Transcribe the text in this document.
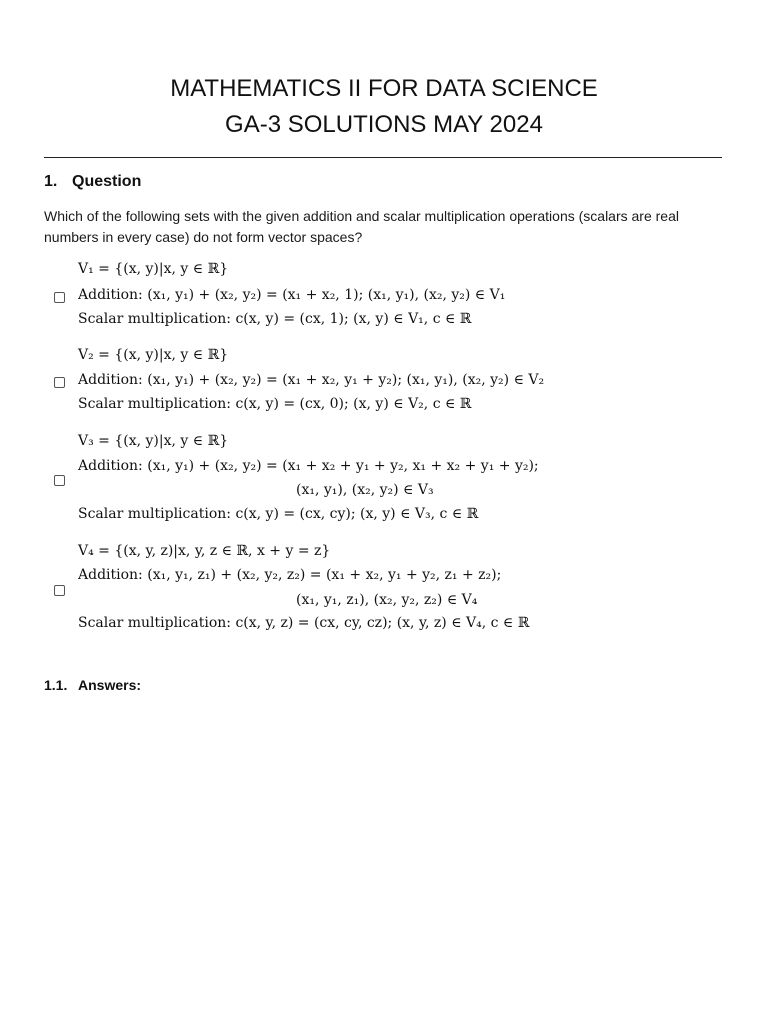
MATHEMATICS II FOR DATA SCIENCE
GA-3 SOLUTIONS MAY 2024
1. Question
Which of the following sets with the given addition and scalar multiplication operations (scalars are real numbers in every case) do not form vector spaces?
V₁ = {(x, y)|x, y ∈ ℝ}
Addition: (x₁, y₁) + (x₂, y₂) = (x₁ + x₂, 1); (x₁, y₁), (x₂, y₂) ∈ V₁
Scalar multiplication: c(x, y) = (cx, 1); (x, y) ∈ V₁, c ∈ ℝ
V₂ = {(x, y)|x, y ∈ ℝ}
Addition: (x₁, y₁) + (x₂, y₂) = (x₁ + x₂, y₁ + y₂); (x₁, y₁), (x₂, y₂) ∈ V₂
Scalar multiplication: c(x, y) = (cx, 0); (x, y) ∈ V₂, c ∈ ℝ
V₃ = {(x, y)|x, y ∈ ℝ}
Addition: (x₁, y₁) + (x₂, y₂) = (x₁ + x₂ + y₁ + y₂, x₁ + x₂ + y₁ + y₂);
(x₁, y₁), (x₂, y₂) ∈ V₃
Scalar multiplication: c(x, y) = (cx, cy); (x, y) ∈ V₃, c ∈ ℝ
V₄ = {(x, y, z)|x, y, z ∈ ℝ, x + y = z}
Addition: (x₁, y₁, z₁) + (x₂, y₂, z₂) = (x₁ + x₂, y₁ + y₂, z₁ + z₂);
(x₁, y₁, z₁), (x₂, y₂, z₂) ∈ V₄
Scalar multiplication: c(x, y, z) = (cx, cy, cz); (x, y, z) ∈ V₄, c ∈ ℝ
1.1. Answers:
